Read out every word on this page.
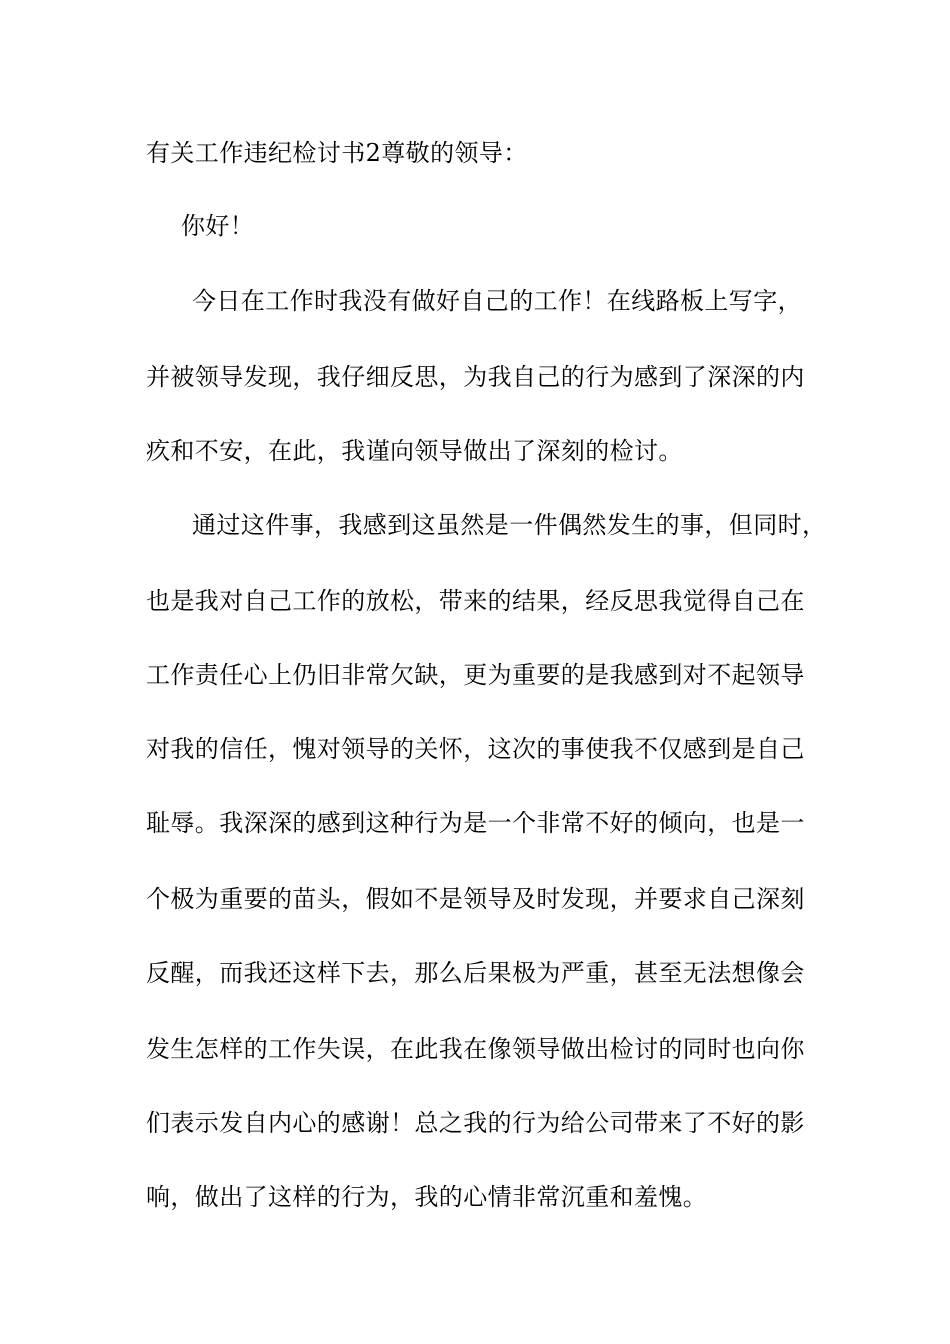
有关工作违纪检讨书2尊敬的领导：
你好！
今日在工作时我没有做好自己的工作！在线路板上写字，
并被领导发现，我仔细反思，为我自己的行为感到了深深的内
疚和不安，在此，我谨向领导做出了深刻的检讨。
通过这件事，我感到这虽然是一件偶然发生的事，但同时，
也是我对自己工作的放松，带来的结果，经反思我觉得自己在
工作责任心上仍旧非常欠缺，更为重要的是我感到对不起领导
对我的信任，愧对领导的关怀，这次的事使我不仅感到是自己
耻辱。我深深的感到这种行为是一个非常不好的倾向，也是一
个极为重要的苗头，假如不是领导及时发现，并要求自己深刻
反醒，而我还这样下去，那么后果极为严重，甚至无法想像会
发生怎样的工作失误，在此我在像领导做出检讨的同时也向你
们表示发自内心的感谢！总之我的行为给公司带来了不好的影
响，做出了这样的行为，我的心情非常沉重和羞愧。
